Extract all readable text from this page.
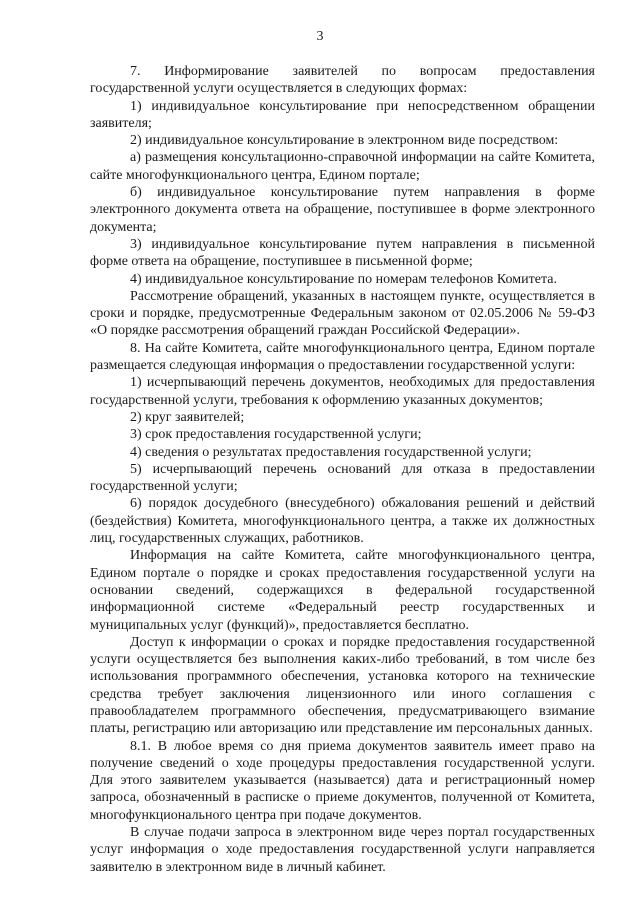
3

7. Информирование заявителей по вопросам предоставления государственной услуги осуществляется в следующих формах:

1) индивидуальное консультирование при непосредственном обращении заявителя;

2) индивидуальное консультирование в электронном виде посредством:

а) размещения консультационно-справочной информации на сайте Комитета, сайте многофункционального центра, Едином портале;

б) индивидуальное консультирование путем направления в форме электронного документа ответа на обращение, поступившее в форме электронного документа;

3) индивидуальное консультирование путем направления в письменной форме ответа на обращение, поступившее в письменной форме;

4) индивидуальное консультирование по номерам телефонов Комитета.

Рассмотрение обращений, указанных в настоящем пункте, осуществляется в сроки и порядке, предусмотренные Федеральным законом от 02.05.2006 № 59-ФЗ «О порядке рассмотрения обращений граждан Российской Федерации».

8. На сайте Комитета, сайте многофункционального центра, Едином портале размещается следующая информация о предоставлении государственной услуги:

1) исчерпывающий перечень документов, необходимых для предоставления государственной услуги, требования к оформлению указанных документов;

2) круг заявителей;

3) срок предоставления государственной услуги;

4) сведения о результатах предоставления государственной услуги;

5) исчерпывающий перечень оснований для отказа в предоставлении государственной услуги;

6) порядок досудебного (внесудебного) обжалования решений и действий (бездействия) Комитета, многофункционального центра, а также их должностных лиц, государственных служащих, работников.

Информация на сайте Комитета, сайте многофункционального центра, Едином портале о порядке и сроках предоставления государственной услуги на основании сведений, содержащихся в федеральной государственной информационной системе «Федеральный реестр государственных и муниципальных услуг (функций)», предоставляется бесплатно.

Доступ к информации о сроках и порядке предоставления государственной услуги осуществляется без выполнения каких-либо требований, в том числе без использования программного обеспечения, установка которого на технические средства требует заключения лицензионного или иного соглашения с правообладателем программного обеспечения, предусматривающего взимание платы, регистрацию или авторизацию или представление им персональных данных.

8.1. В любое время со дня приема документов заявитель имеет право на получение сведений о ходе процедуры предоставления государственной услуги. Для этого заявителем указывается (называется) дата и регистрационный номер запроса, обозначенный в расписке о приеме документов, полученной от Комитета, многофункционального центра при подаче документов.

В случае подачи запроса в электронном виде через портал государственных услуг информация о ходе предоставления государственной услуги направляется заявителю в электронном виде в личный кабинет.
